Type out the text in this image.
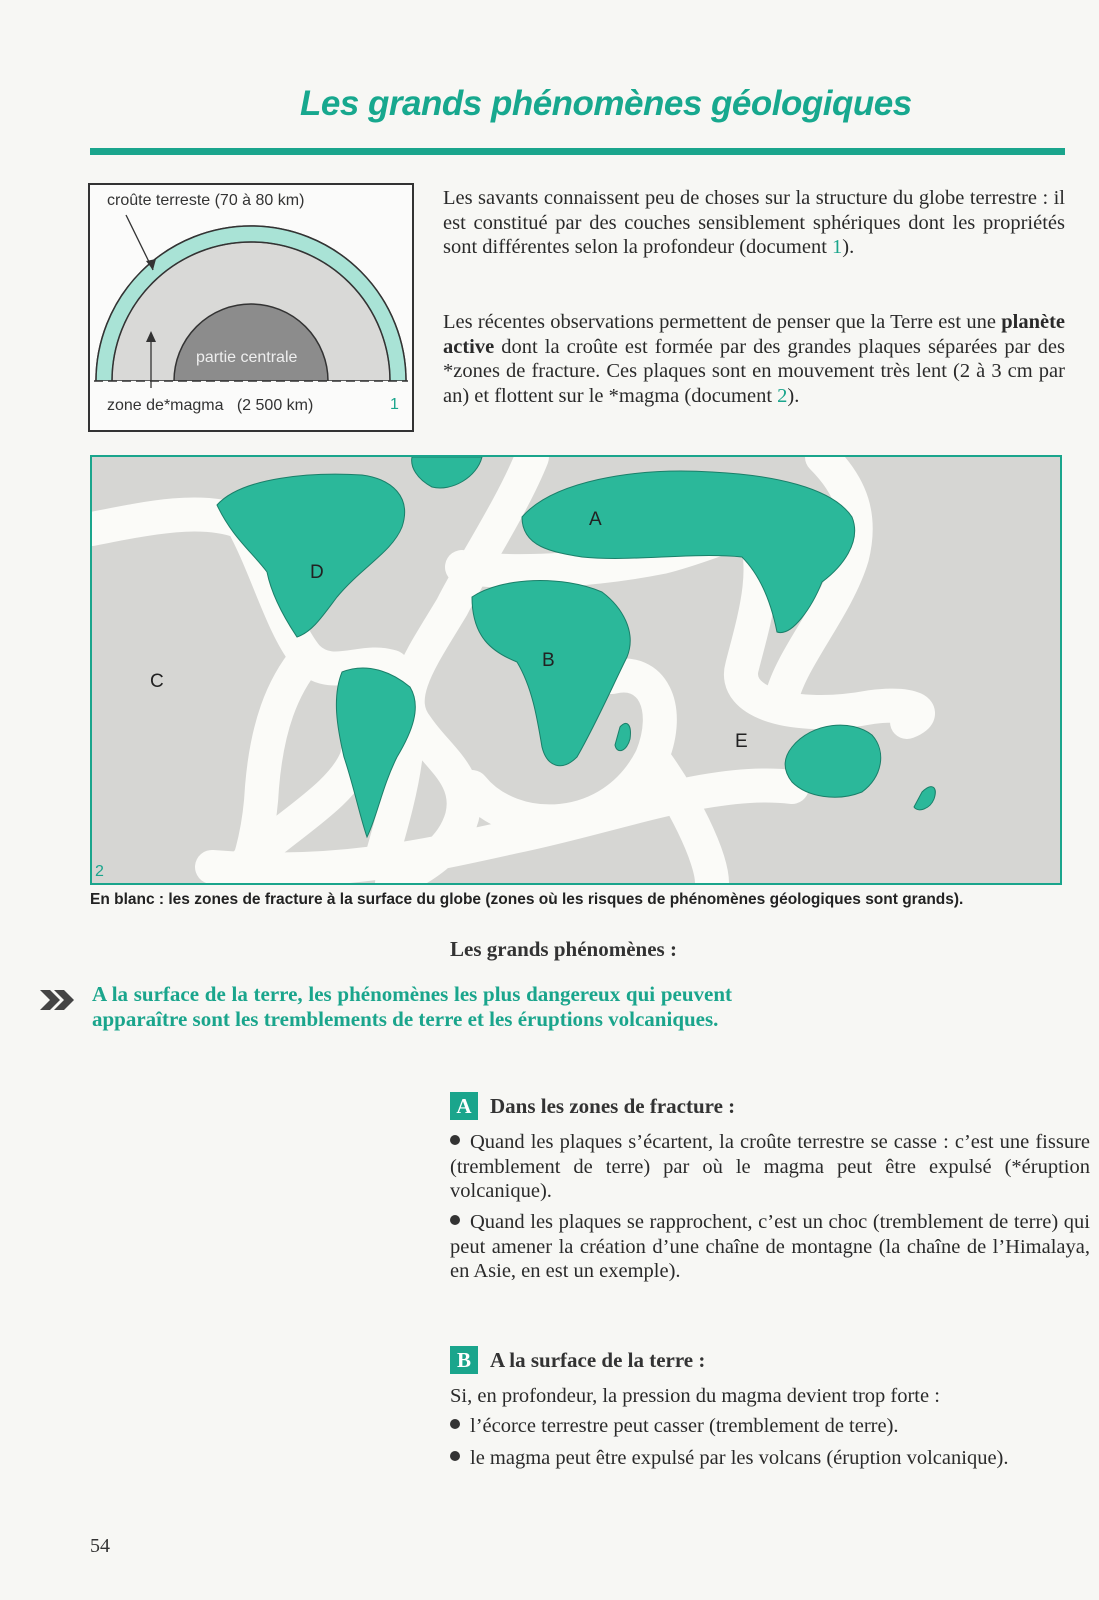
Les grands phénomènes géologiques
croûte terreste (70 à 80 km)
partie centrale
zone de*magma   (2 500 km)	1
Les savants connaissent peu de choses sur la structure du globe terrestre : il est constitué par des couches sensiblement sphériques dont les propriétés sont différentes selon la profondeur (document 1).
Les récentes observations permettent de penser que la Terre est une planète active dont la croûte est formée par des grandes plaques séparées par des *zones de fracture. Ces plaques sont en mouvement très lent (2 à 3 cm par an) et flottent sur le *magma (document 2).
A
B
C
D
E
2
En blanc : les zones de fracture à la surface du globe (zones où les risques de phénomènes géologiques sont grands).
Les grands phénomènes :
A la surface de la terre, les phénomènes les plus dangereux qui peuvent apparaître sont les tremblements de terre et les éruptions volcaniques.
A Dans les zones de fracture :
Quand les plaques s’écartent, la croûte terrestre se casse : c’est une fissure (tremblement de terre) par où le magma peut être expulsé (*éruption volcanique).
Quand les plaques se rapprochent, c’est un choc (tremblement de terre) qui peut amener la création d’une chaîne de montagne (la chaîne de l’Himalaya, en Asie, en est un exemple).
B A la surface de la terre :
Si, en profondeur, la pression du magma devient trop forte :
l’écorce terrestre peut casser (tremblement de terre).
le magma peut être expulsé par les volcans (éruption volcanique).
54
